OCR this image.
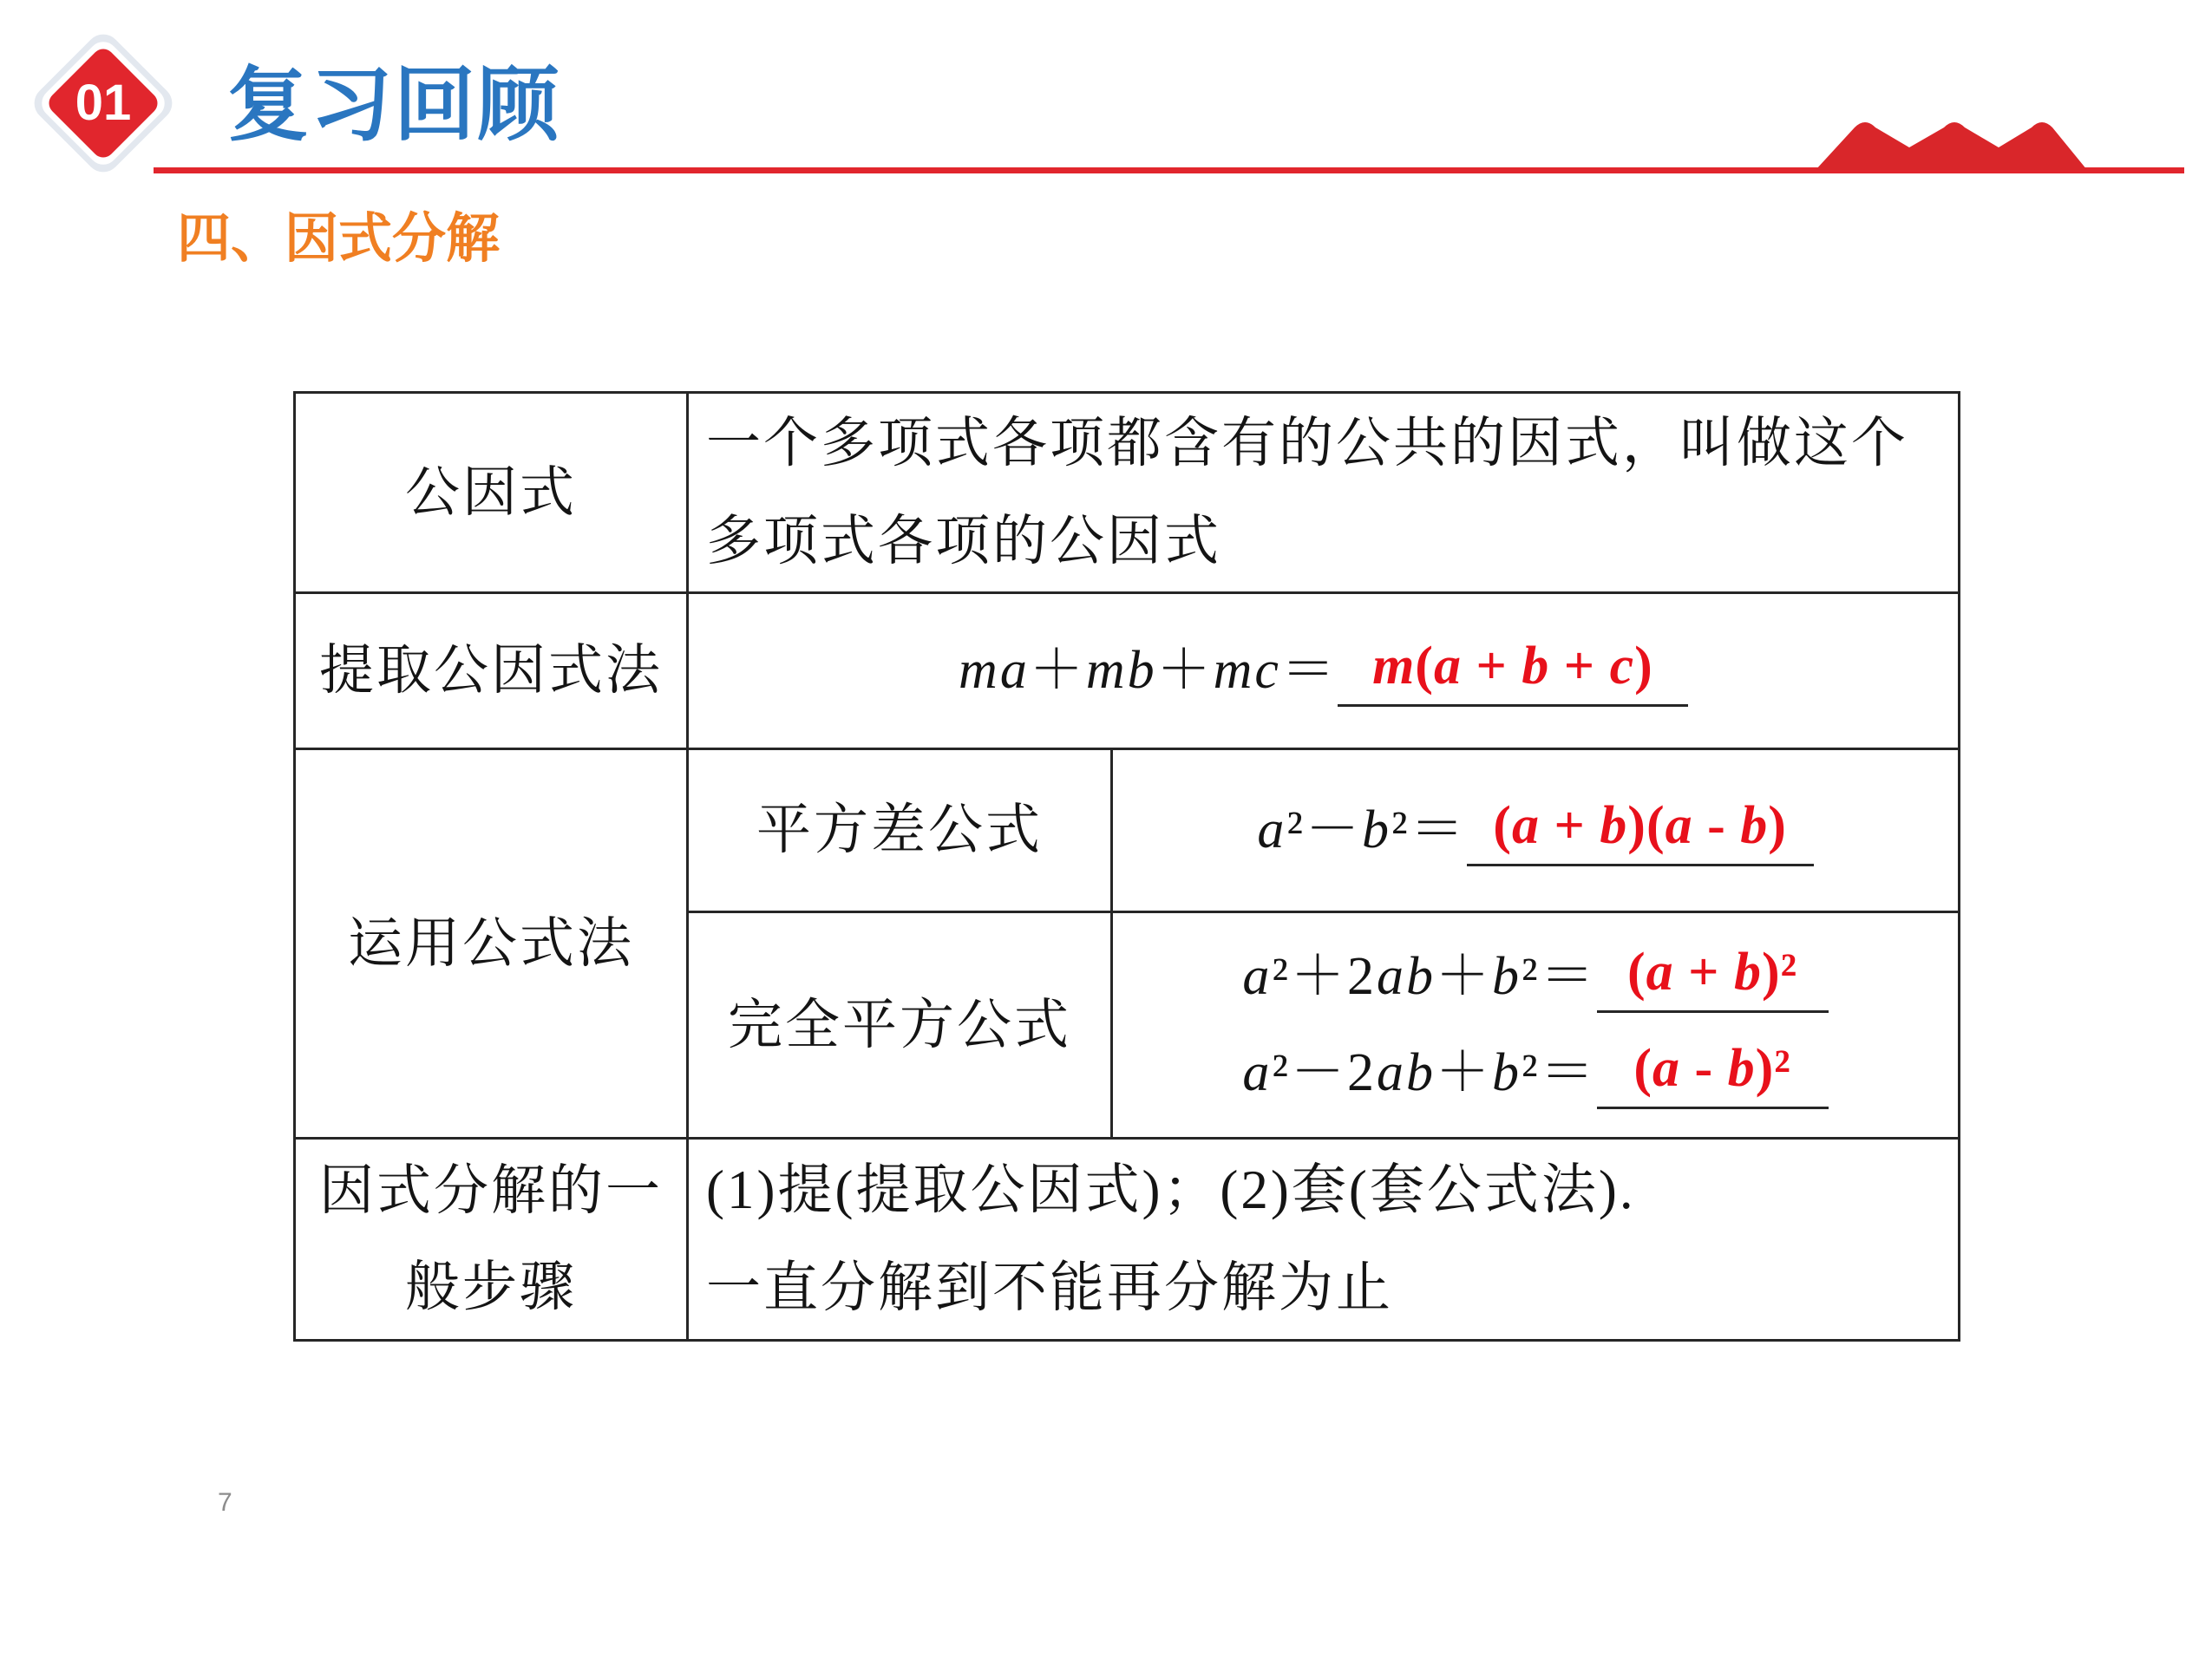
01	复习回顾
四、因式分解
公因式	一个多项式各项都含有的公共的因式，叫做这个多项式各项的公因式	
提取公因式法	ma＋mb＋mc＝ m(a + b + c)	

运用公式法	平方差公式	a²－b²＝ (a + b)(a - b)

	完全平方公式	a²＋2ab＋b²＝ (a + b)²
a²－2ab＋b²＝ (a - b)²

因式分解的一般步骤	(1)提(提取公因式)；(2)套(套公式法).
一直分解到不能再分解为止	
7
